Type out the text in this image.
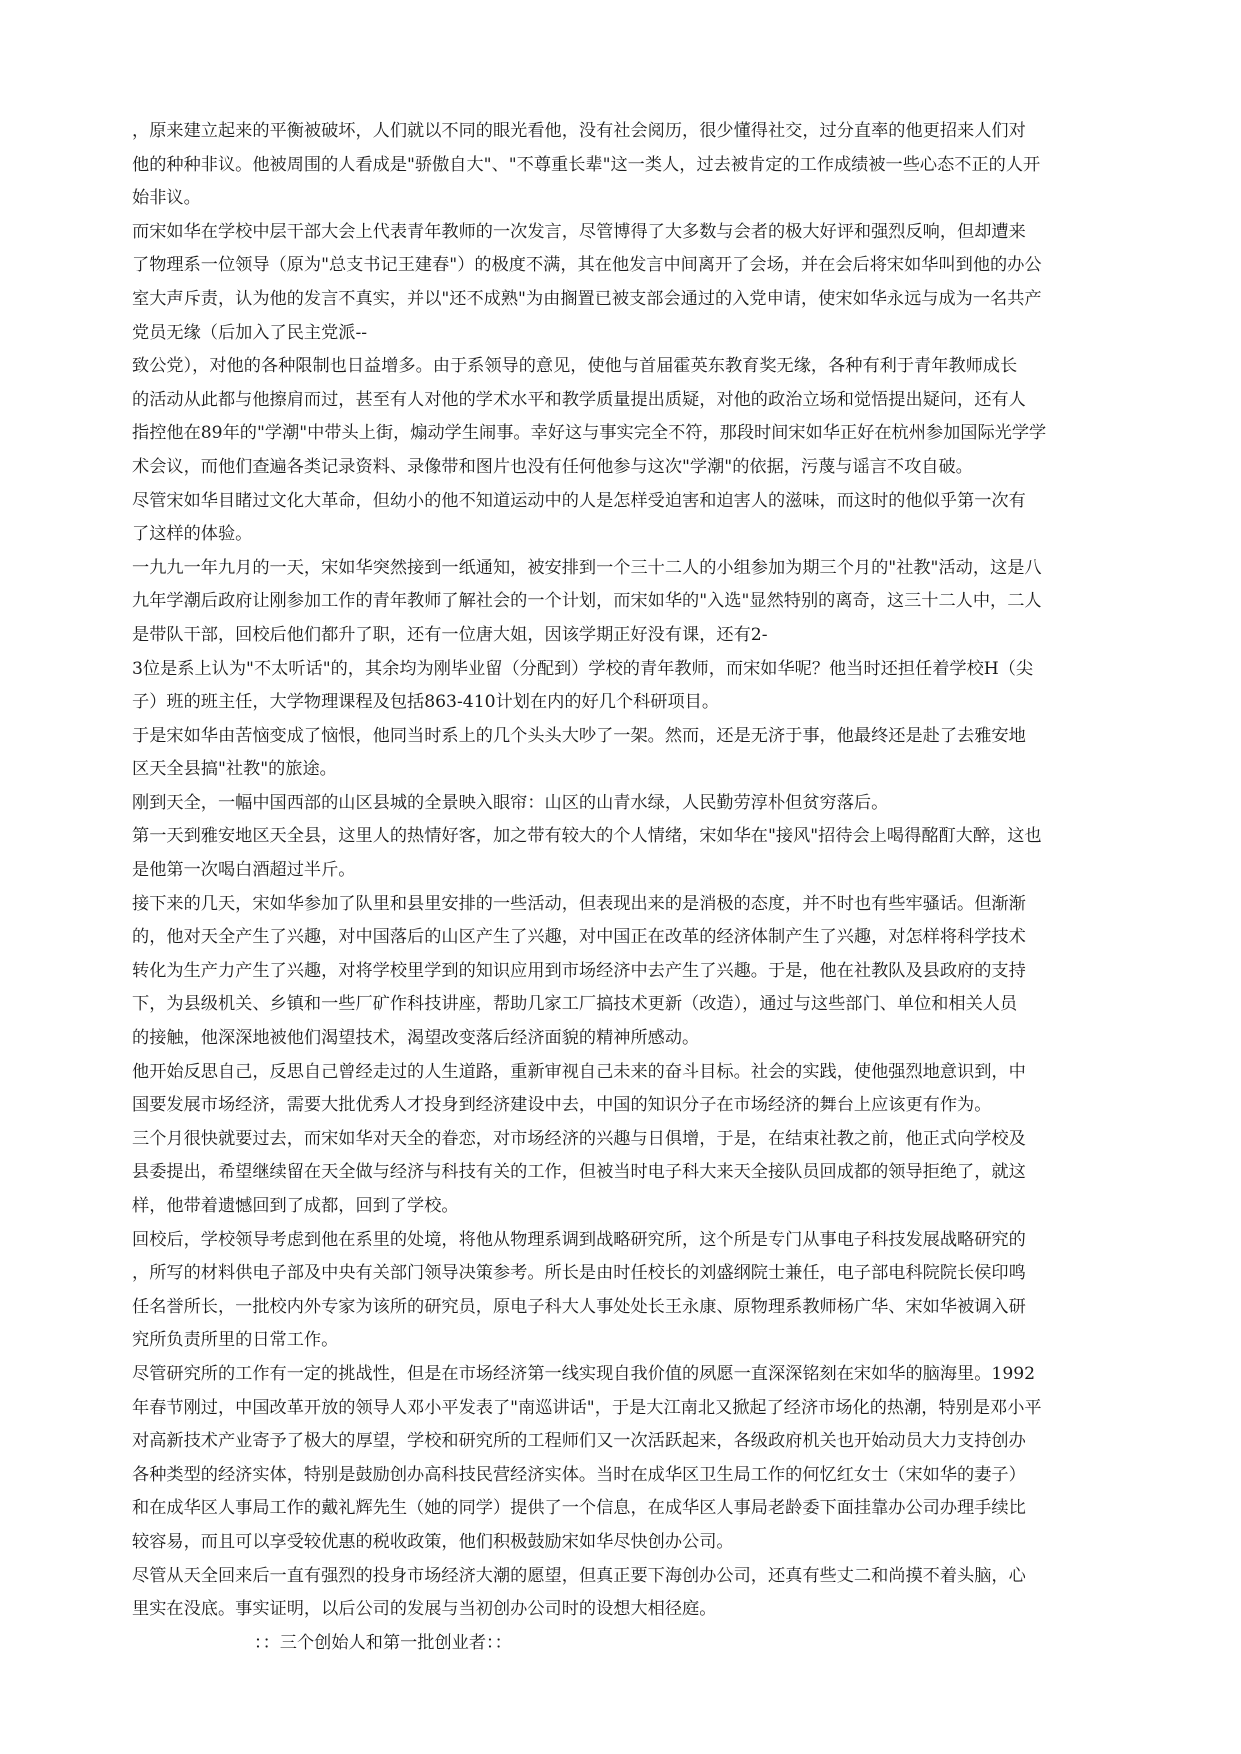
，原来建立起来的平衡被破坏，人们就以不同的眼光看他，没有社会阅历，很少懂得社交，过分直率的他更招来人们对
他的种种非议。他被周围的人看成是"骄傲自大"、"不尊重长辈"这一类人，过去被肯定的工作成绩被一些心态不正的人开
始非议。
而宋如华在学校中层干部大会上代表青年教师的一次发言，尽管博得了大多数与会者的极大好评和强烈反响，但却遭来
了物理系一位领导（原为"总支书记王建春"）的极度不满，其在他发言中间离开了会场，并在会后将宋如华叫到他的办公
室大声斥责，认为他的发言不真实，并以"还不成熟"为由搁置已被支部会通过的入党申请，使宋如华永远与成为一名共产
党员无缘（后加入了民主党派--
致公党），对他的各种限制也日益增多。由于系领导的意见，使他与首届霍英东教育奖无缘，各种有利于青年教师成长
的活动从此都与他擦肩而过，甚至有人对他的学术水平和教学质量提出质疑，对他的政治立场和觉悟提出疑问，还有人
指控他在89年的"学潮"中带头上街，煽动学生闹事。幸好这与事实完全不符，那段时间宋如华正好在杭州参加国际光学学
术会议，而他们查遍各类记录资料、录像带和图片也没有任何他参与这次"学潮"的依据，污蔑与谣言不攻自破。
尽管宋如华目睹过文化大革命，但幼小的他不知道运动中的人是怎样受迫害和迫害人的滋味，而这时的他似乎第一次有
了这样的体验。
一九九一年九月的一天，宋如华突然接到一纸通知，被安排到一个三十二人的小组参加为期三个月的"社教"活动，这是八
九年学潮后政府让刚参加工作的青年教师了解社会的一个计划，而宋如华的"入选"显然特别的离奇，这三十二人中，二人
是带队干部，回校后他们都升了职，还有一位唐大姐，因该学期正好没有课，还有2-
3位是系上认为"不太听话"的，其余均为刚毕业留（分配到）学校的青年教师，而宋如华呢？他当时还担任着学校H（尖
子）班的班主任，大学物理课程及包括863-410计划在内的好几个科研项目。
于是宋如华由苦恼变成了恼恨，他同当时系上的几个头头大吵了一架。然而，还是无济于事，他最终还是赴了去雅安地
区天全县搞"社教"的旅途。
刚到天全，一幅中国西部的山区县城的全景映入眼帘：山区的山青水绿，人民勤劳淳朴但贫穷落后。
第一天到雅安地区天全县，这里人的热情好客，加之带有较大的个人情绪，宋如华在"接风"招待会上喝得酩酊大醉，这也
是他第一次喝白酒超过半斤。
接下来的几天，宋如华参加了队里和县里安排的一些活动，但表现出来的是消极的态度，并不时也有些牢骚话。但渐渐
的，他对天全产生了兴趣，对中国落后的山区产生了兴趣，对中国正在改革的经济体制产生了兴趣，对怎样将科学技术
转化为生产力产生了兴趣，对将学校里学到的知识应用到市场经济中去产生了兴趣。于是，他在社教队及县政府的支持
下，为县级机关、乡镇和一些厂矿作科技讲座，帮助几家工厂搞技术更新（改造），通过与这些部门、单位和相关人员
的接触，他深深地被他们渴望技术，渴望改变落后经济面貌的精神所感动。
他开始反思自己，反思自己曾经走过的人生道路，重新审视自己未来的奋斗目标。社会的实践，使他强烈地意识到，中
国要发展市场经济，需要大批优秀人才投身到经济建设中去，中国的知识分子在市场经济的舞台上应该更有作为。
三个月很快就要过去，而宋如华对天全的眷恋，对市场经济的兴趣与日俱增，于是，在结束社教之前，他正式向学校及
县委提出，希望继续留在天全做与经济与科技有关的工作，但被当时电子科大来天全接队员回成都的领导拒绝了，就这
样，他带着遗憾回到了成都，回到了学校。
回校后，学校领导考虑到他在系里的处境，将他从物理系调到战略研究所，这个所是专门从事电子科技发展战略研究的
，所写的材料供电子部及中央有关部门领导决策参考。所长是由时任校长的刘盛纲院士兼任，电子部电科院院长侯印鸣
任名誉所长，一批校内外专家为该所的研究员，原电子科大人事处处长王永康、原物理系教师杨广华、宋如华被调入研
究所负责所里的日常工作。
尽管研究所的工作有一定的挑战性，但是在市场经济第一线实现自我价值的夙愿一直深深铭刻在宋如华的脑海里。1992
年春节刚过，中国改革开放的领导人邓小平发表了"南巡讲话"，于是大江南北又掀起了经济市场化的热潮，特别是邓小平
对高新技术产业寄予了极大的厚望，学校和研究所的工程师们又一次活跃起来，各级政府机关也开始动员大力支持创办
各种类型的经济实体，特别是鼓励创办高科技民营经济实体。当时在成华区卫生局工作的何忆红女士（宋如华的妻子）
和在成华区人事局工作的戴礼辉先生（她的同学）提供了一个信息，在成华区人事局老龄委下面挂靠办公司办理手续比
较容易，而且可以享受较优惠的税收政策，他们积极鼓励宋如华尽快创办公司。
尽管从天全回来后一直有强烈的投身市场经济大潮的愿望，但真正要下海创办公司，还真有些丈二和尚摸不着头脑，心
里实在没底。事实证明，以后公司的发展与当初创办公司时的设想大相径庭。
：：三个创始人和第一批创业者：：
